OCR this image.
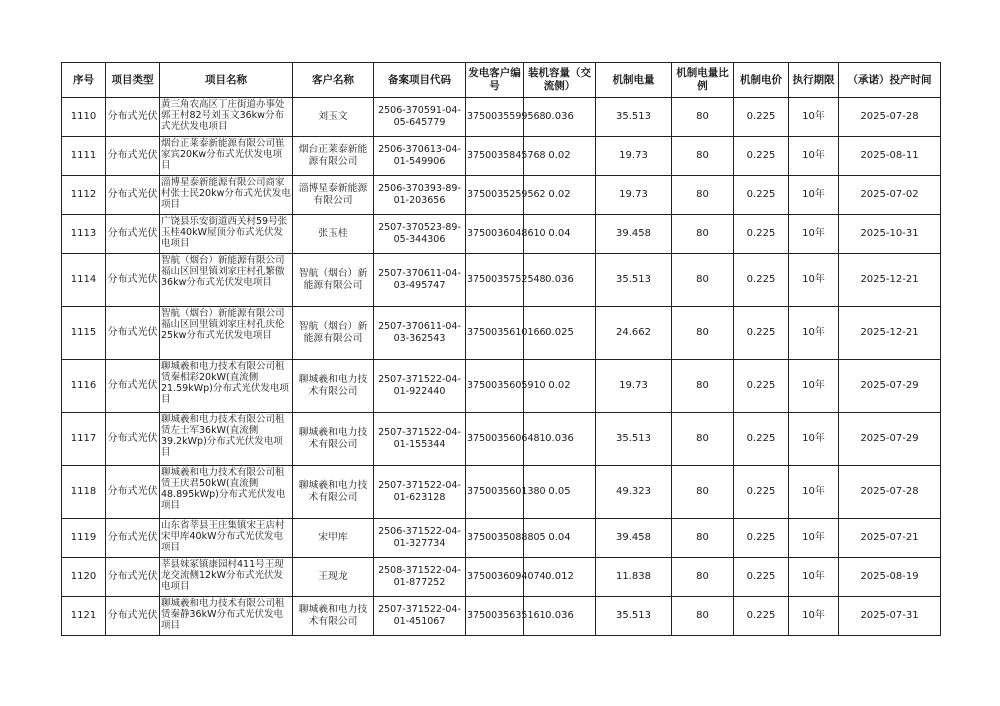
序号	项目类型	项目名称	客户名称	备案项目代码	发电客户编号	装机容量（交流侧）	机制电量	机制电量比例	机制电价	执行期限	（承诺）投产时间
1110	分布式光伏	黄三角农高区丁庄街道办事处郭王村82号刘玉文36kw分布式光伏发电项目	刘玉文	2506-370591-04-05-645779	3750035599568	0.036	35.513	80	0.225	10年	2025-07-28
1111	分布式光伏	烟台正莱泰新能源有限公司崔家宾20Kw分布式光伏发电项目	烟台正莱泰新能源有限公司	2506-370613-04-01-549906	3750035845768	0.02	19.73	80	0.225	10年	2025-08-11
1112	分布式光伏	淄博星泰新能源有限公司商家村张士民20kw分布式光伏发电项目	淄博星泰新能源有限公司	2506-370393-89-01-203656	3750035259562	0.02	19.73	80	0.225	10年	2025-07-02
1113	分布式光伏	广饶县乐安街道西关村59号张玉桂40kW屋顶分布式光伏发电项目	张玉桂	2507-370523-89-05-344306	3750036048610	0.04	39.458	80	0.225	10年	2025-10-31
1114	分布式光伏	智航（烟台）新能源有限公司福山区回里镇刘家庄村孔繁傲36kw分布式光伏发电项目	智航（烟台）新能源有限公司	2507-370611-04-03-495747	3750035752548	0.036	35.513	80	0.225	10年	2025-12-21
1115	分布式光伏	智航（烟台）新能源有限公司福山区回里镇刘家庄村孔庆伦25kw分布式光伏发电项目	智航（烟台）新能源有限公司	2507-370611-04-03-362543	3750035610166	0.025	24.662	80	0.225	10年	2025-12-21
1116	分布式光伏	聊城羲和电力技术有限公司租赁秦相彩20kW(直流侧21.59kWp)分布式光伏发电项目	聊城羲和电力技术有限公司	2507-371522-04-01-922440	3750035605910	0.02	19.73	80	0.225	10年	2025-07-29
1117	分布式光伏	聊城羲和电力技术有限公司租赁左士军36kW(直流侧39.2kWp)分布式光伏发电项目	聊城羲和电力技术有限公司	2507-371522-04-01-155344	3750035606481	0.036	35.513	80	0.225	10年	2025-07-29
1118	分布式光伏	聊城羲和电力技术有限公司租赁王庆君50kW(直流侧48.895kWp)分布式光伏发电项目	聊城羲和电力技术有限公司	2507-371522-04-01-623128	3750035601380	0.05	49.323	80	0.225	10年	2025-07-28
1119	分布式光伏	山东省莘县王庄集镇宋王店村宋甲库40kW分布式光伏发电项目	宋甲库	2506-371522-04-01-327734	3750035088805	0.04	39.458	80	0.225	10年	2025-07-21
1120	分布式光伏	莘县妹冢镇康园村411号王现龙交流侧12kW分布式光伏发电项目	王现龙	2508-371522-04-01-877252	3750036094074	0.012	11.838	80	0.225	10年	2025-08-19
1121	分布式光伏	聊城羲和电力技术有限公司租赁秦静36kW分布式光伏发电项目	聊城羲和电力技术有限公司	2507-371522-04-01-451067	3750035635161	0.036	35.513	80	0.225	10年	2025-07-31
